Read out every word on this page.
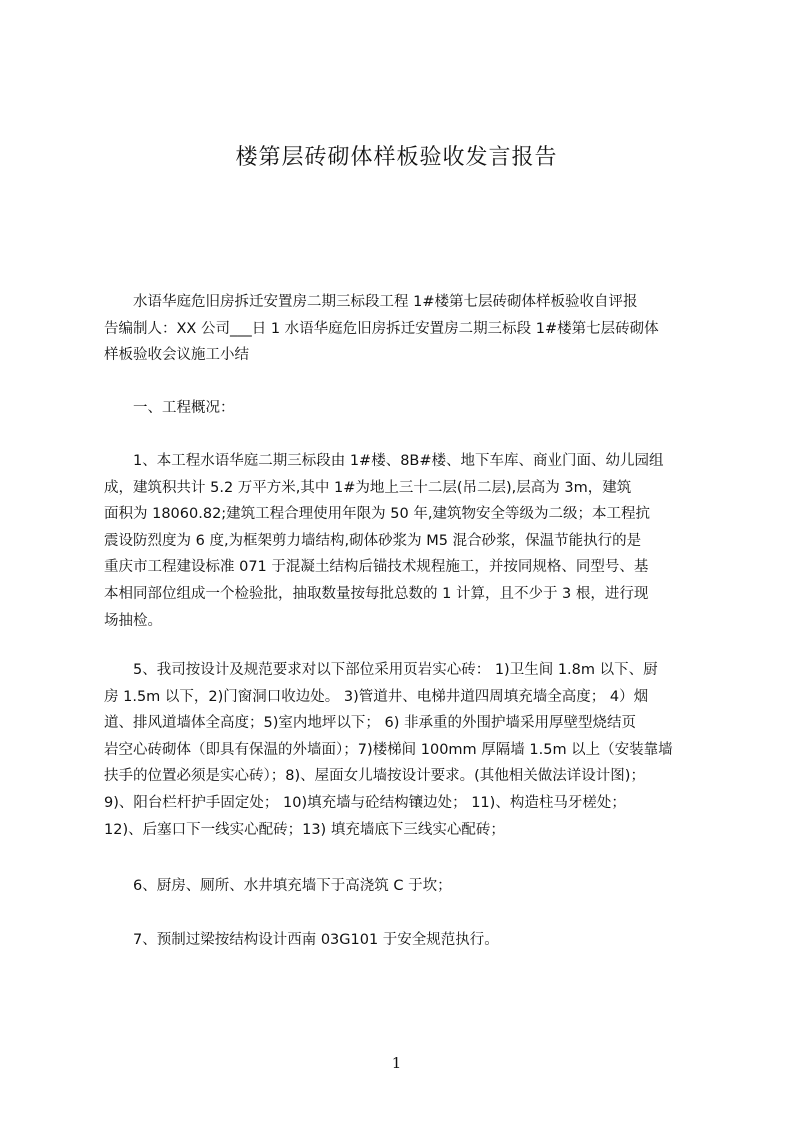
楼第层砖砌体样板验收发言报告

　　水语华庭危旧房拆迁安置房二期三标段工程 1#楼第七层砖砌体样板验收自评报
告编制人：XX 公司___日 1 水语华庭危旧房拆迁安置房二期三标段 1#楼第七层砖砌体
样板验收会议施工小结

　　一、工程概况：

　　1、本工程水语华庭二期三标段由 1#楼、8B#楼、地下车库、商业门面、幼儿园组
成，建筑积共计 5.2 万平方米,其中 1#为地上三十二层(吊二层),层高为 3m，建筑
面积为 18060.82;建筑工程合理使用年限为 50 年,建筑物安全等级为二级；本工程抗
震设防烈度为 6 度,为框架剪力墙结构,砌体砂浆为 M5 混合砂浆，保温节能执行的是
重庆市工程建设标准 071 于混凝土结构后锚技术规程施工，并按同规格、同型号、基
本相同部位组成一个检验批，抽取数量按每批总数的 1 计算，且不少于 3 根，进行现
场抽检。

　　5、我司按设计及规范要求对以下部位采用页岩实心砖： 1)卫生间 1.8m 以下、厨
房 1.5m 以下，2)门窗洞口收边处。 3)管道井、电梯井道四周填充墙全高度； 4）烟
道、排风道墙体全高度；5)室内地坪以下； 6) 非承重的外围护墙采用厚壁型烧结页
岩空心砖砌体（即具有保温的外墙面）；7)楼梯间 100mm 厚隔墙 1.5m 以上（安装靠墙
扶手的位置必须是实心砖）；8)、屋面女儿墙按设计要求。(其他相关做法详设计图)；
9)、阳台栏杆护手固定处； 10)填充墙与砼结构镶边处； 11)、构造柱马牙槎处；
12)、后塞口下一线实心配砖；13) 填充墙底下三线实心配砖；

　　6、厨房、厕所、水井填充墙下于高浇筑 C 于坎；

　　7、预制过梁按结构设计西南 03G101 于安全规范执行。

1
